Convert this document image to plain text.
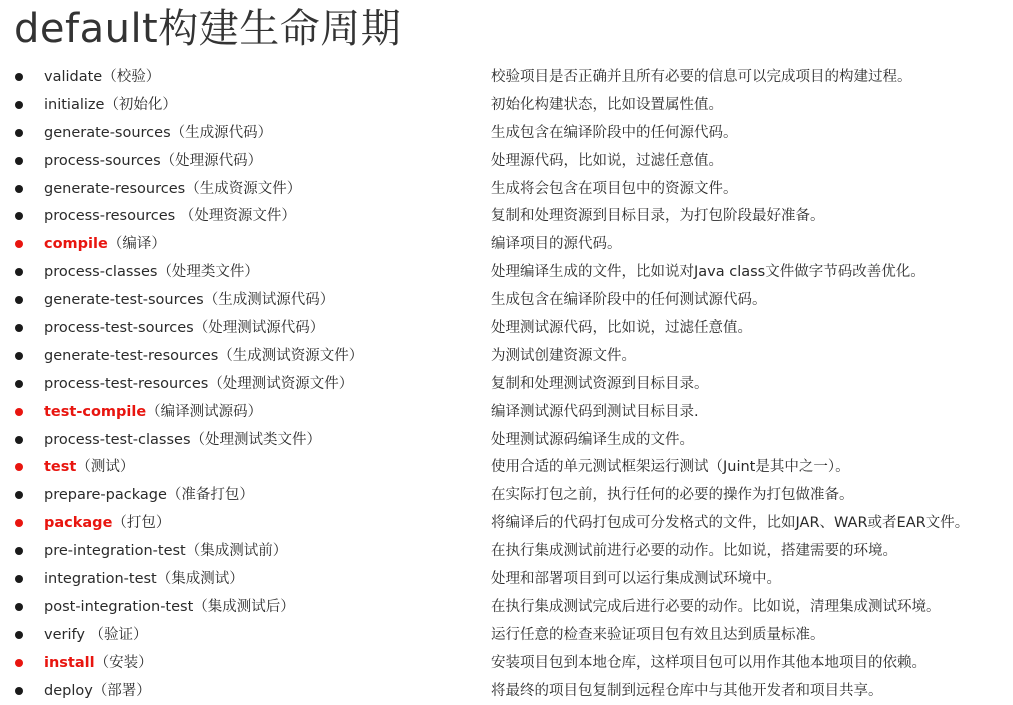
default构建生命周期
validate（校验）	校验项目是否正确并且所有必要的信息可以完成项目的构建过程。
initialize（初始化）	初始化构建状态，比如设置属性值。
generate-sources（生成源代码）	生成包含在编译阶段中的任何源代码。
process-sources（处理源代码）	处理源代码，比如说，过滤任意值。
generate-resources（生成资源文件）	生成将会包含在项目包中的资源文件。
process-resources （处理资源文件）	复制和处理资源到目标目录，为打包阶段最好准备。
compile（编译）	编译项目的源代码。
process-classes（处理类文件）	处理编译生成的文件，比如说对Java class文件做字节码改善优化。
generate-test-sources（生成测试源代码）	生成包含在编译阶段中的任何测试源代码。
process-test-sources（处理测试源代码）	处理测试源代码，比如说，过滤任意值。
generate-test-resources（生成测试资源文件）	为测试创建资源文件。
process-test-resources（处理测试资源文件）	复制和处理测试资源到目标目录。
test-compile（编译测试源码）	编译测试源代码到测试目标目录.
process-test-classes（处理测试类文件）	处理测试源码编译生成的文件。
test（测试）	使用合适的单元测试框架运行测试（Juint是其中之一）。
prepare-package（准备打包）	在实际打包之前，执行任何的必要的操作为打包做准备。
package（打包）	将编译后的代码打包成可分发格式的文件，比如JAR、WAR或者EAR文件。
pre-integration-test（集成测试前）	在执行集成测试前进行必要的动作。比如说，搭建需要的环境。
integration-test（集成测试）	处理和部署项目到可以运行集成测试环境中。
post-integration-test（集成测试后）	在执行集成测试完成后进行必要的动作。比如说，清理集成测试环境。
verify （验证）	运行任意的检查来验证项目包有效且达到质量标准。
install（安装）	安装项目包到本地仓库，这样项目包可以用作其他本地项目的依赖。
deploy（部署）	将最终的项目包复制到远程仓库中与其他开发者和项目共享。
